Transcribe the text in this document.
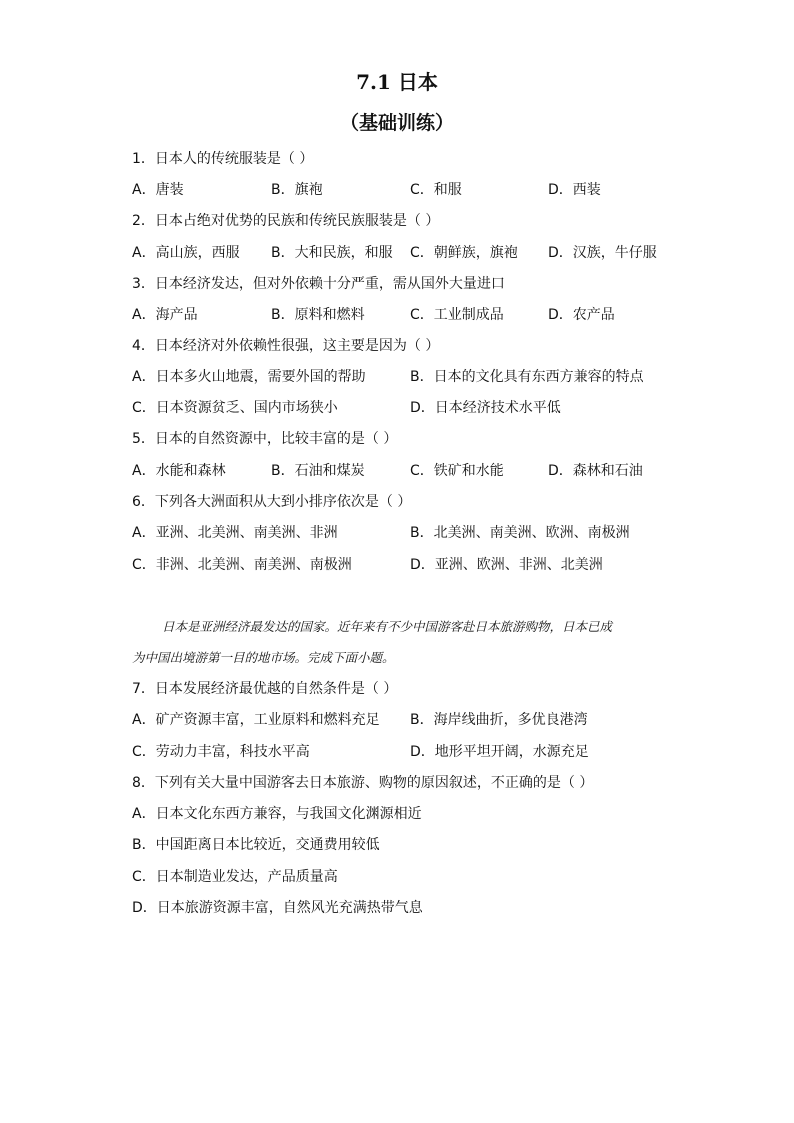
7.1 日本
（基础训练）
1．日本人的传统服装是（ ）
A．唐装	B．旗袍	C．和服	D．西装
2．日本占绝对优势的民族和传统民族服装是（ ）
A．高山族，西服 B．大和民族，和服 C．朝鲜族，旗袍 D．汉族，牛仔服
3．日本经济发达，但对外依赖十分严重，需从国外大量进口
A．海产品	B．原料和燃料	C．工业制成品	D．农产品
4．日本经济对外依赖性很强，这主要是因为（ ）
A．日本多火山地震，需要外国的帮助	B．日本的文化具有东西方兼容的特点
C．日本资源贫乏、国内市场狭小	D．日本经济技术水平低
5．日本的自然资源中，比较丰富的是（ ）
A．水能和森林	B．石油和煤炭	C．铁矿和水能	D．森林和石油
6．下列各大洲面积从大到小排序依次是（ ）
A．亚洲、北美洲、南美洲、非洲	B．北美洲、南美洲、欧洲、南极洲
C．非洲、北美洲、南美洲、南极洲	D．亚洲、欧洲、非洲、北美洲
日本是亚洲经济最发达的国家。近年来有不少中国游客赴日本旅游购物，日本已成
为中国出境游第一目的地市场。完成下面小题。
7．日本发展经济最优越的自然条件是（ ）
A．矿产资源丰富，工业原料和燃料充足 B．海岸线曲折，多优良港湾
C．劳动力丰富，科技水平高	D．地形平坦开阔，水源充足
8．下列有关大量中国游客去日本旅游、购物的原因叙述，不正确的是（ ）
A．日本文化东西方兼容，与我国文化渊源相近
B．中国距离日本比较近，交通费用较低
C．日本制造业发达，产品质量高
D．日本旅游资源丰富，自然风光充满热带气息
